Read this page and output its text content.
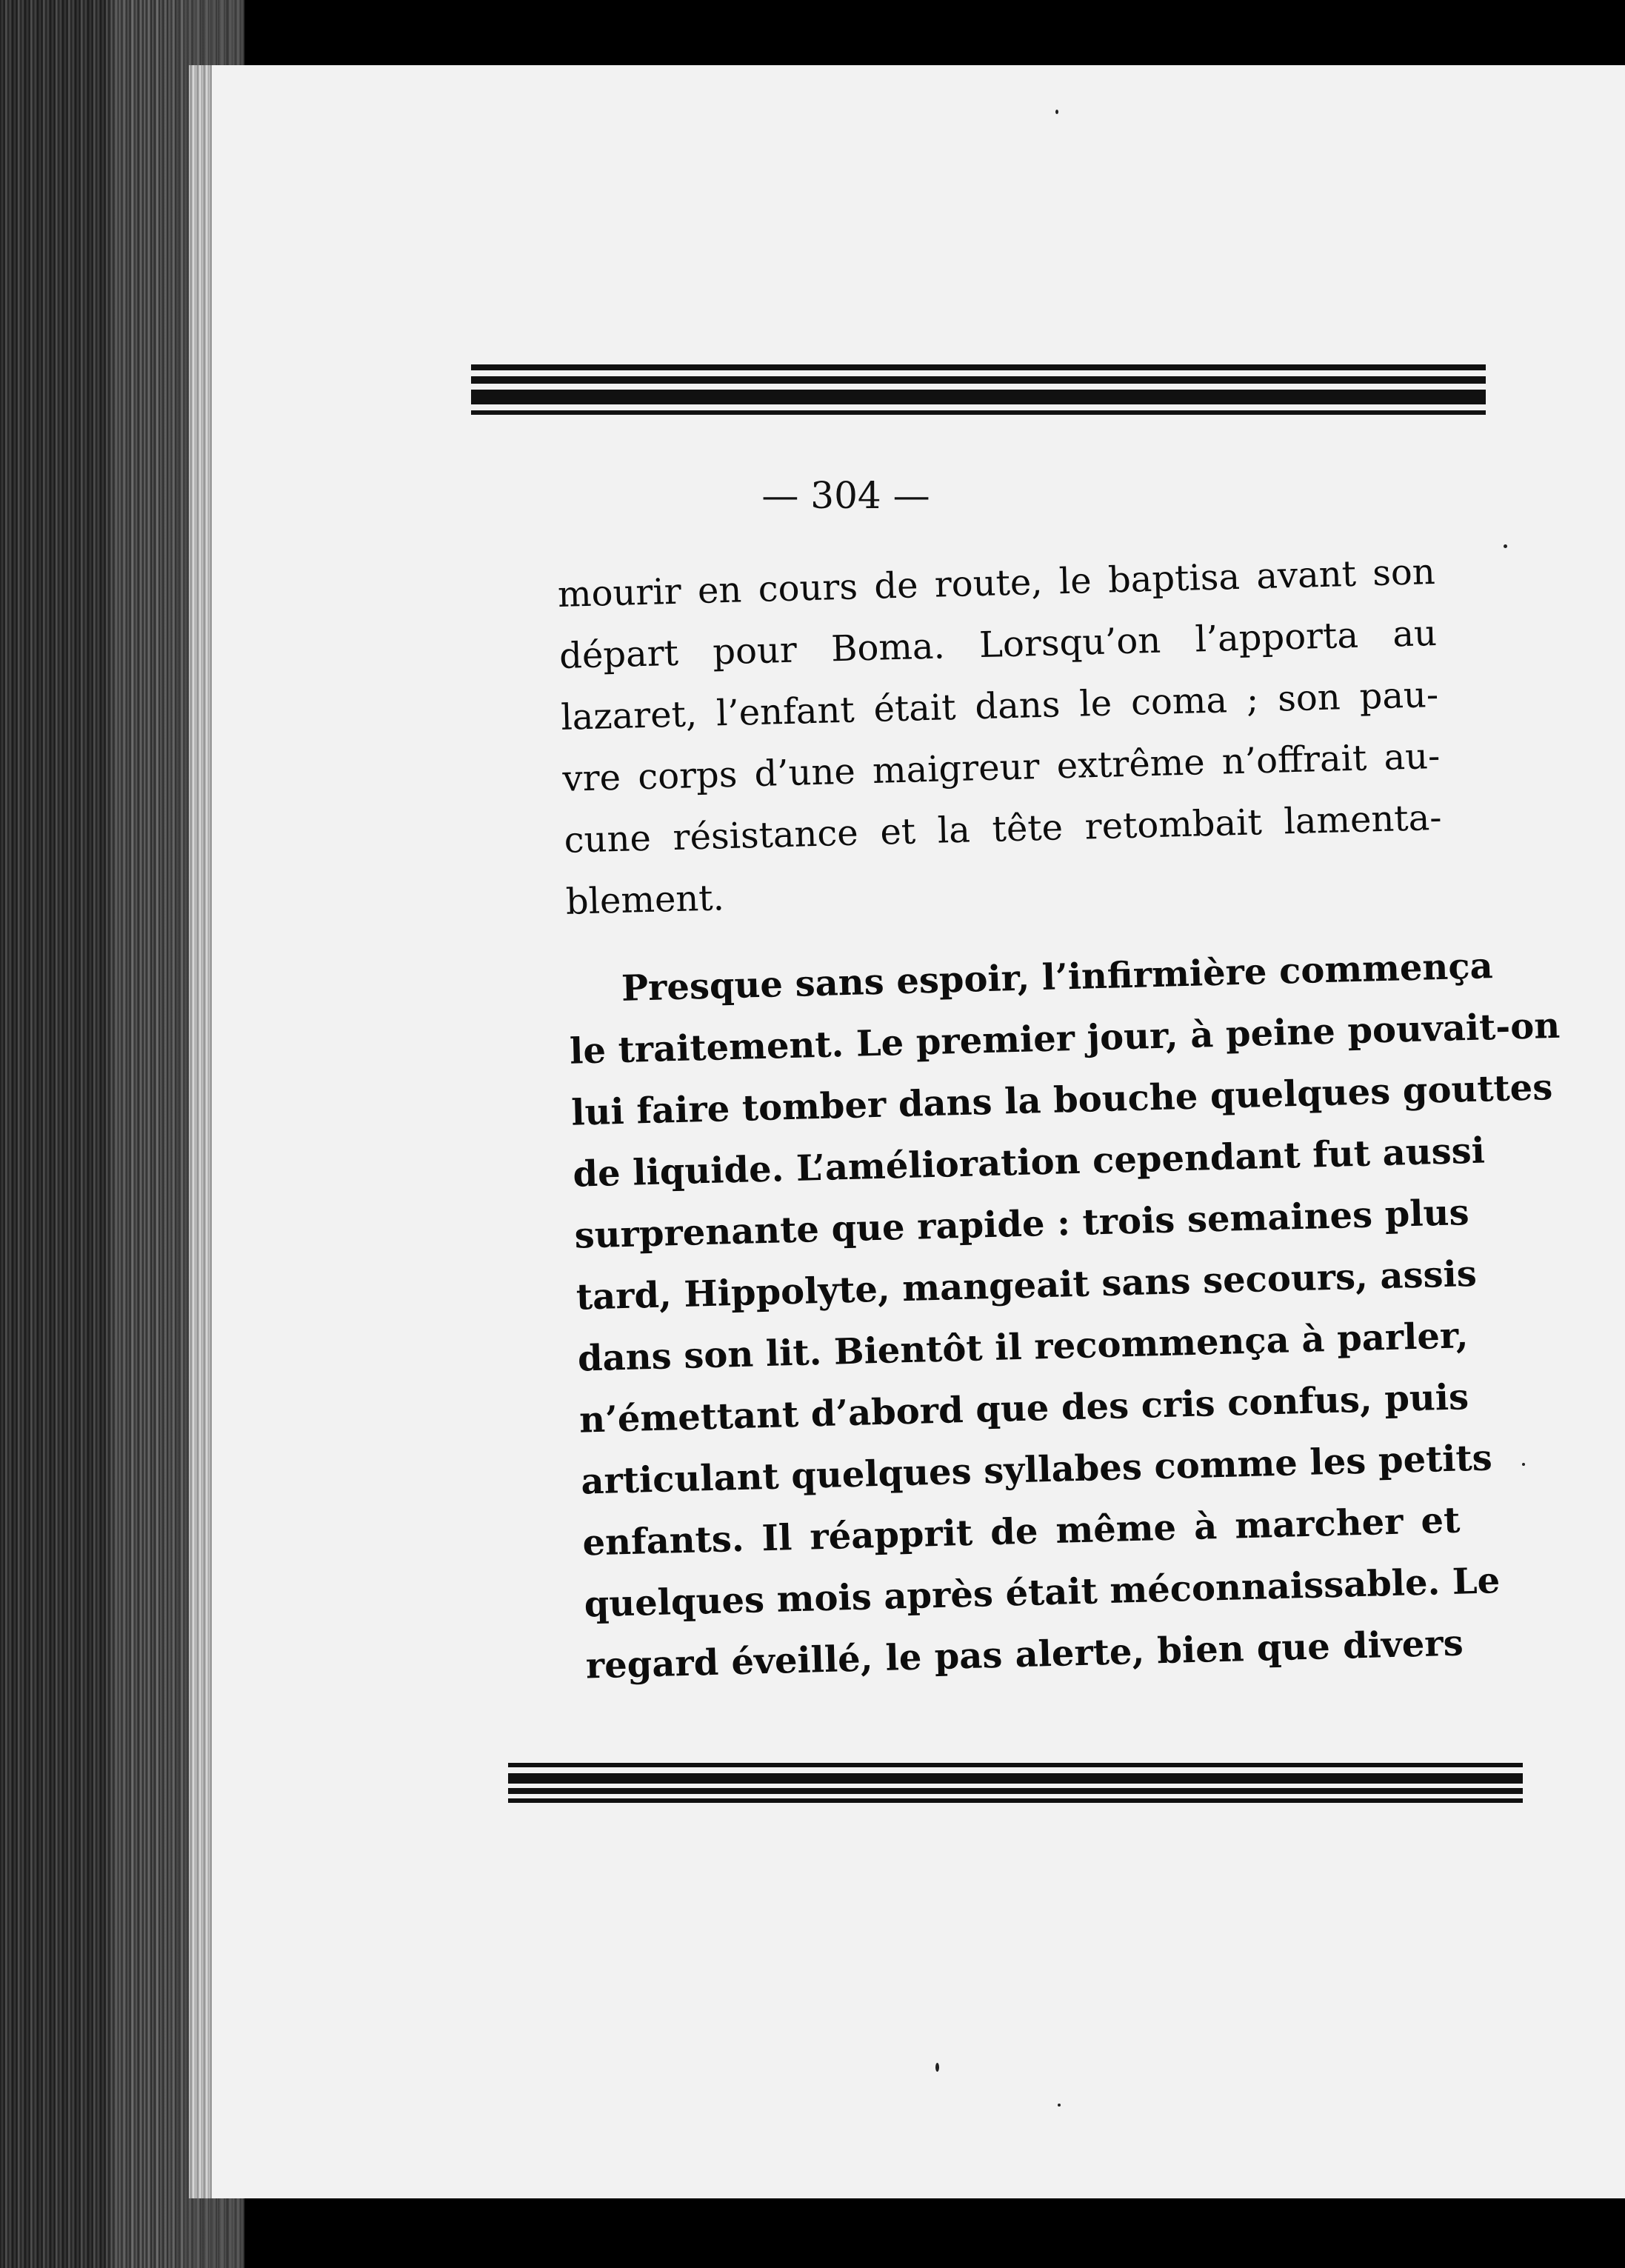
— 304 —
mourir en cours de route, le baptisa avant son
départ pour Boma. Lorsqu’on l’apporta au
lazaret, l’enfant était dans le coma ; son pau-
vre corps d’une maigreur extrême n’offrait au-
cune résistance et la tête retombait lamenta-
blement.
Presque sans espoir, l’infirmière commença
le traitement. Le premier jour, à peine pouvait-on
lui faire tomber dans la bouche quelques gouttes
de liquide. L’amélioration cependant fut aussi
surprenante que rapide : trois semaines plus
tard, Hippolyte, mangeait sans secours, assis
dans son lit. Bientôt il recommença à parler,
n’émettant d’abord que des cris confus, puis
articulant quelques syllabes comme les petits
enfants. Il réapprit de même à marcher et
quelques mois après était méconnaissable. Le
regard éveillé, le pas alerte, bien que divers
